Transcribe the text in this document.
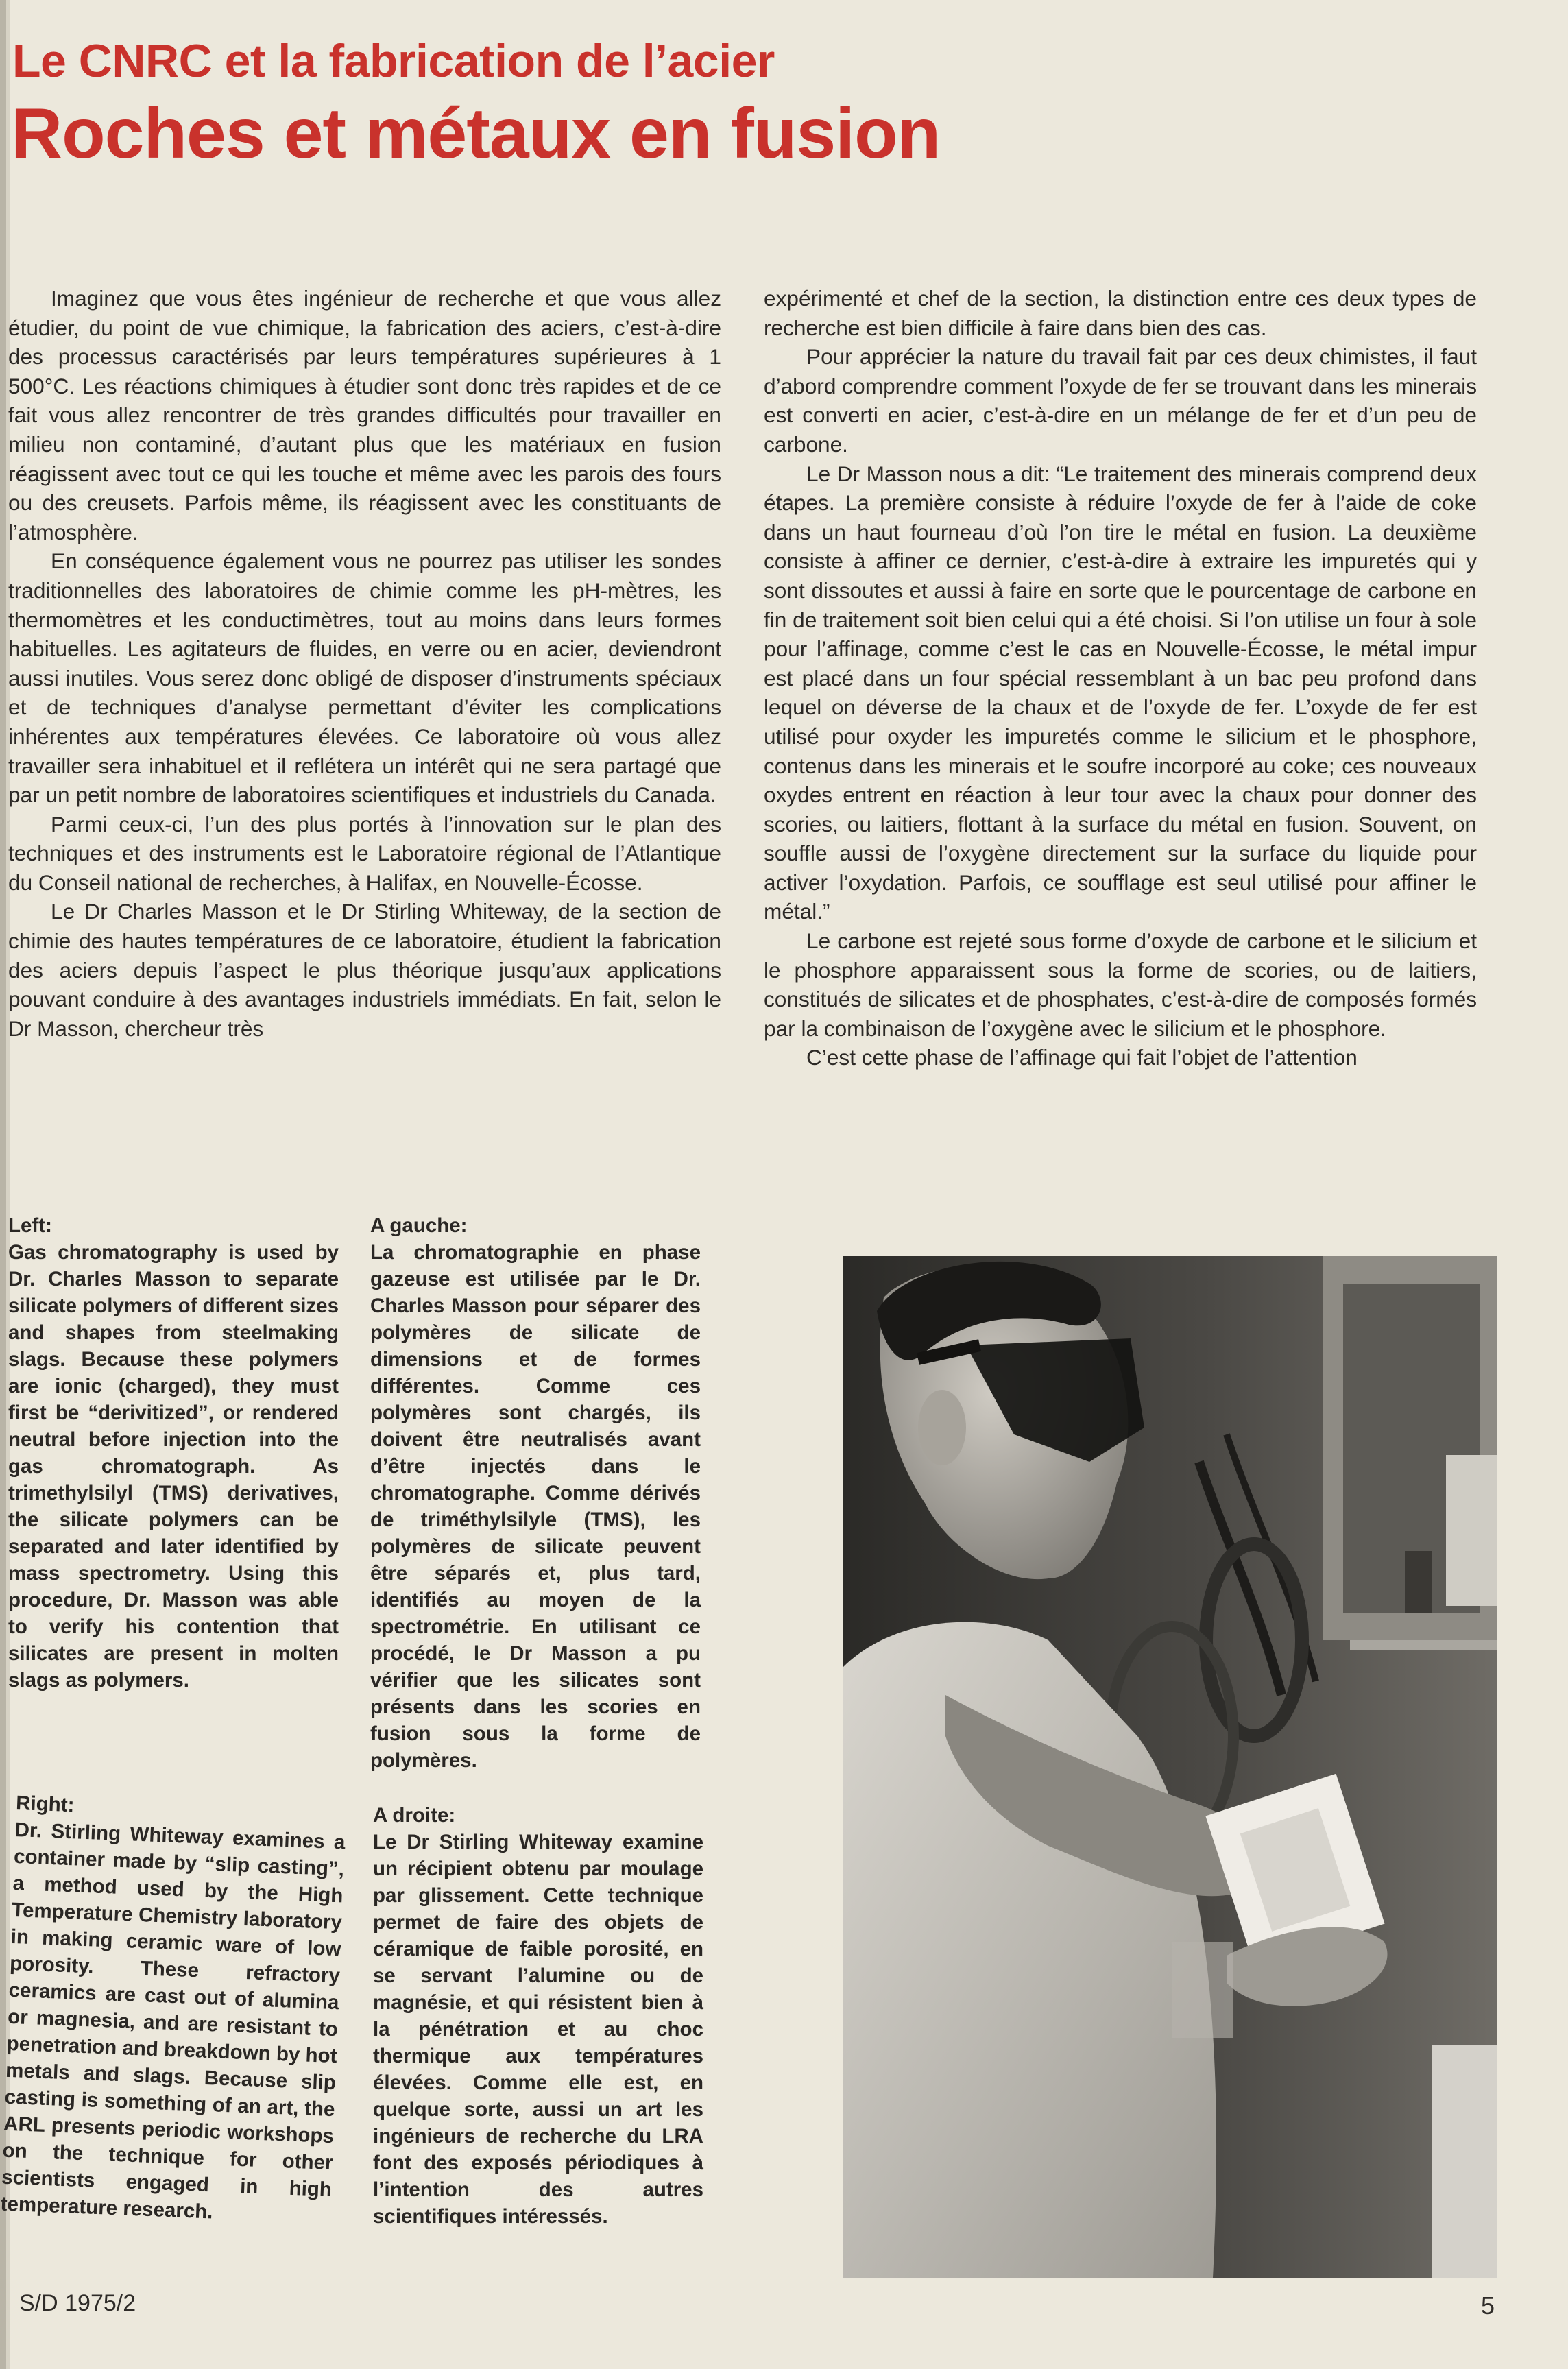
Le CNRC et la fabrication de l’acier
Roches et métaux en fusion

Imaginez que vous êtes ingénieur de recherche et que vous allez étudier, du point de vue chimique, la fabrication des aciers, c’est-à-dire des processus caractérisés par leurs températures supérieures à 1 500°C. Les réactions chimiques à étudier sont donc très rapides et de ce fait vous allez rencontrer de très grandes difficultés pour travailler en milieu non contaminé, d’autant plus que les matériaux en fusion réagissent avec tout ce qui les touche et même avec les parois des fours ou des creusets. Parfois même, ils réagissent avec les constituants de l’atmosphère.

En conséquence également vous ne pourrez pas utiliser les sondes traditionnelles des laboratoires de chimie comme les pH-mètres, les thermomètres et les conductimètres, tout au moins dans leurs formes habituelles. Les agitateurs de fluides, en verre ou en acier, deviendront aussi inutiles. Vous serez donc obligé de disposer d’instruments spéciaux et de techniques d’analyse permettant d’éviter les complications inhérentes aux températures élevées. Ce laboratoire où vous allez travailler sera inhabituel et il reflétera un intérêt qui ne sera partagé que par un petit nombre de laboratoires scientifiques et industriels du Canada.

Parmi ceux-ci, l’un des plus portés à l’innovation sur le plan des techniques et des instruments est le Laboratoire régional de l’Atlantique du Conseil national de recherches, à Halifax, en Nouvelle-Écosse.

Le Dr Charles Masson et le Dr Stirling Whiteway, de la section de chimie des hautes températures de ce laboratoire, étudient la fabrication des aciers depuis l’aspect le plus théorique jusqu’aux applications pouvant conduire à des avantages industriels immédiats. En fait, selon le Dr Masson, chercheur très

expérimenté et chef de la section, la distinction entre ces deux types de recherche est bien difficile à faire dans bien des cas.

Pour apprécier la nature du travail fait par ces deux chimistes, il faut d’abord comprendre comment l’oxyde de fer se trouvant dans les minerais est converti en acier, c’est-à-dire en un mélange de fer et d’un peu de carbone.

Le Dr Masson nous a dit: “Le traitement des minerais comprend deux étapes. La première consiste à réduire l’oxyde de fer à l’aide de coke dans un haut fourneau d’où l’on tire le métal en fusion. La deuxième consiste à affiner ce dernier, c’est-à-dire à extraire les impuretés qui y sont dissoutes et aussi à faire en sorte que le pourcentage de carbone en fin de traitement soit bien celui qui a été choisi. Si l’on utilise un four à sole pour l’affinage, comme c’est le cas en Nouvelle-Écosse, le métal impur est placé dans un four spécial ressemblant à un bac peu profond dans lequel on déverse de la chaux et de l’oxyde de fer. L’oxyde de fer est utilisé pour oxyder les impuretés comme le silicium et le phosphore, contenus dans les minerais et le soufre incorporé au coke; ces nouveaux oxydes entrent en réaction à leur tour avec la chaux pour donner des scories, ou laitiers, flottant à la surface du métal en fusion. Souvent, on souffle aussi de l’oxygène directement sur la surface du liquide pour activer l’oxydation. Parfois, ce soufflage est seul utilisé pour affiner le métal.”

Le carbone est rejeté sous forme d’oxyde de carbone et le silicium et le phosphore apparaissent sous la forme de scories, ou de laitiers, constitués de silicates et de phosphates, c’est-à-dire de composés formés par la combinaison de l’oxygène avec le silicium et le phosphore.

C’est cette phase de l’affinage qui fait l’objet de l’attention

Left:
Gas chromatography is used by Dr. Charles Masson to separate silicate polymers of different sizes and shapes from steelmaking slags. Because these polymers are ionic (charged), they must first be “derivitized”, or rendered neutral before injection into the gas chromatograph. As trimethylsilyl (TMS) derivatives, the silicate polymers can be separated and later identified by mass spectrometry. Using this procedure, Dr. Masson was able to verify his contention that silicates are present in molten slags as polymers.
A gauche:
La chromatographie en phase gazeuse est utilisée par le Dr. Charles Masson pour séparer des polymères de silicate de dimensions et de formes différentes. Comme ces polymères sont chargés, ils doivent être neutralisés avant d’être injectés dans le chromatographe. Comme dérivés de triméthylsilyle (TMS), les polymères de silicate peuvent être séparés et, plus tard, identifiés au moyen de la spectrométrie. En utilisant ce procédé, le Dr Masson a pu vérifier que les silicates sont présents dans les scories en fusion sous la forme de polymères.
Right:
Dr. Stirling Whiteway examines a container made by “slip casting”, a method used by the High Temperature Chemistry laboratory in making ceramic ware of low porosity. These refractory ceramics are cast out of alumina or magnesia, and are resistant to penetration and breakdown by hot metals and slags. Because slip casting is something of an art, the ARL presents periodic workshops on the technique for other scientists engaged in high temperature research.
A droite:
Le Dr Stirling Whiteway examine un récipient obtenu par moulage par glissement. Cette technique permet de faire des objets de céramique de faible porosité, en se servant l’alumine ou de magnésie, et qui résistent bien à la pénétration et au choc thermique aux températures élevées. Comme elle est, en quelque sorte, aussi un art les ingénieurs de recherche du LRA font des exposés périodiques à l’intention des autres scientifiques intéressés.
S/D 1975/2	5
